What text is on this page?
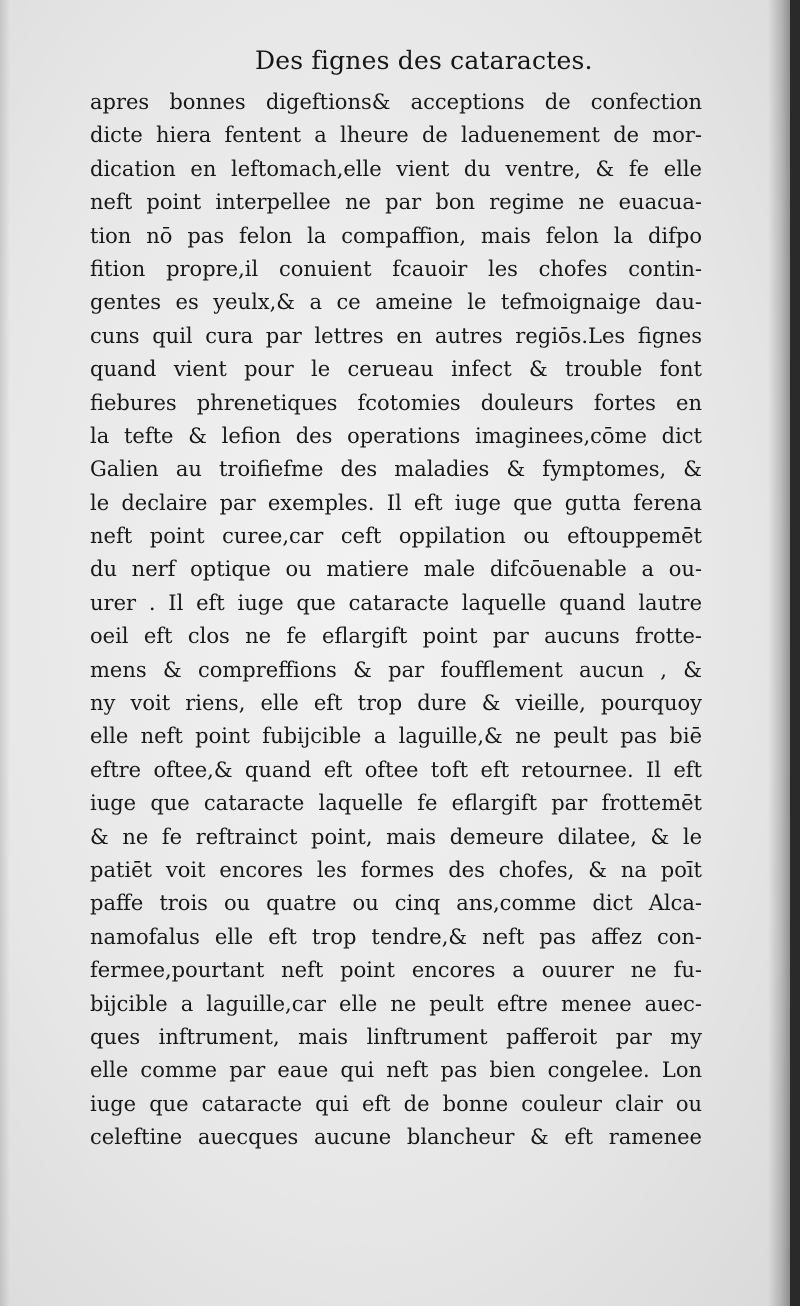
Des fignes des cataractes.
apres bonnes digeftions& acceptions de confection
dicte hiera fentent a lheure de laduenement de mor-
dication en leftomach,elle vient du ventre, & fe elle
neft point interpellee ne par bon regime ne euacua-
tion nō pas felon la compaffion, mais felon la difpo
fition propre,il conuient fcauoir les chofes contin-
gentes es yeulx,& a ce ameine le tefmoignaige dau-
cuns quil cura par lettres en autres regiōs.Les fignes
quand vient pour le cerueau infect & trouble font
fiebures phrenetiques fcotomies douleurs fortes en
la tefte & lefion des operations imaginees,cōme dict
Galien au troifiefme des maladies & fymptomes, &
le declaire par exemples. Il eft iuge que gutta ferena
neft point curee,car ceft oppilation ou eftouppemēt
du nerf optique ou matiere male difcōuenable a ou-
urer . Il eft iuge que cataracte laquelle quand lautre
oeil eft clos ne fe eflargift point par aucuns frotte-
mens & compreffions & par foufflement aucun , &
ny voit riens, elle eft trop dure & vieille, pourquoy
elle neft point fubijcible a laguille,& ne peult pas biē
eftre oftee,& quand eft oftee toft eft retournee. Il eft
iuge que cataracte laquelle fe eflargift par frottemēt
& ne fe reftrainct point, mais demeure dilatee, & le
patiēt voit encores les formes des chofes, & na poīt
paffe trois ou quatre ou cinq ans,comme dict Alca-
namofalus elle eft trop tendre,& neft pas affez con-
fermee,pourtant neft point encores a ouurer ne fu-
bijcible a laguille,car elle ne peult eftre menee auec-
ques inftrument, mais linftrument pafferoit par my
elle comme par eaue qui neft pas bien congelee. Lon
iuge que cataracte qui eft de bonne couleur clair ou
celeftine auecques aucune blancheur & eft ramenee
